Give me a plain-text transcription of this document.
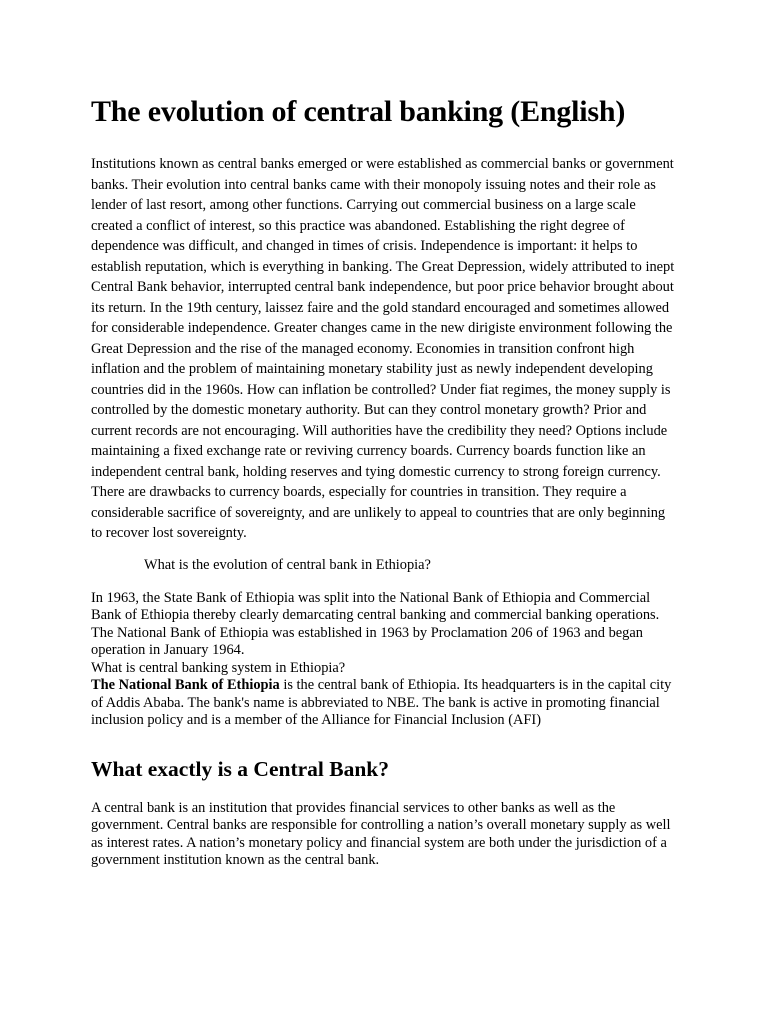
The evolution of central banking (English)

Institutions known as central banks emerged or were established as commercial banks or government banks. Their evolution into central banks came with their monopoly issuing notes and their role as lender of last resort, among other functions. Carrying out commercial business on a large scale created a conflict of interest, so this practice was abandoned. Establishing the right degree of dependence was difficult, and changed in times of crisis. Independence is important: it helps to establish reputation, which is everything in banking. The Great Depression, widely attributed to inept Central Bank behavior, interrupted central bank independence, but poor price behavior brought about its return. In the 19th century, laissez faire and the gold standard encouraged and sometimes allowed for considerable independence. Greater changes came in the new dirigiste environment following the Great Depression and the rise of the managed economy. Economies in transition confront high inflation and the problem of maintaining monetary stability just as newly independent developing countries did in the 1960s. How can inflation be controlled? Under fiat regimes, the money supply is controlled by the domestic monetary authority. But can they control monetary growth? Prior and current records are not encouraging. Will authorities have the credibility they need? Options include maintaining a fixed exchange rate or reviving currency boards. Currency boards function like an independent central bank, holding reserves and tying domestic currency to strong foreign currency. There are drawbacks to currency boards, especially for countries in transition. They require a considerable sacrifice of sovereignty, and are unlikely to appeal to countries that are only beginning to recover lost sovereignty.

What is the evolution of central bank in Ethiopia?

In 1963, the State Bank of Ethiopia was split into the National Bank of Ethiopia and Commercial Bank of Ethiopia thereby clearly demarcating central banking and commercial banking operations. The National Bank of Ethiopia was established in 1963 by Proclamation 206 of 1963 and began operation in January 1964.

What is central banking system in Ethiopia?

The National Bank of Ethiopia is the central bank of Ethiopia. Its headquarters is in the capital city of Addis Ababa. The bank's name is abbreviated to NBE. The bank is active in promoting financial inclusion policy and is a member of the Alliance for Financial Inclusion (AFI)

What exactly is a Central Bank?

A central bank is an institution that provides financial services to other banks as well as the government. Central banks are responsible for controlling a nation’s overall monetary supply as well as interest rates. A nation’s monetary policy and financial system are both under the jurisdiction of a government institution known as the central bank.
